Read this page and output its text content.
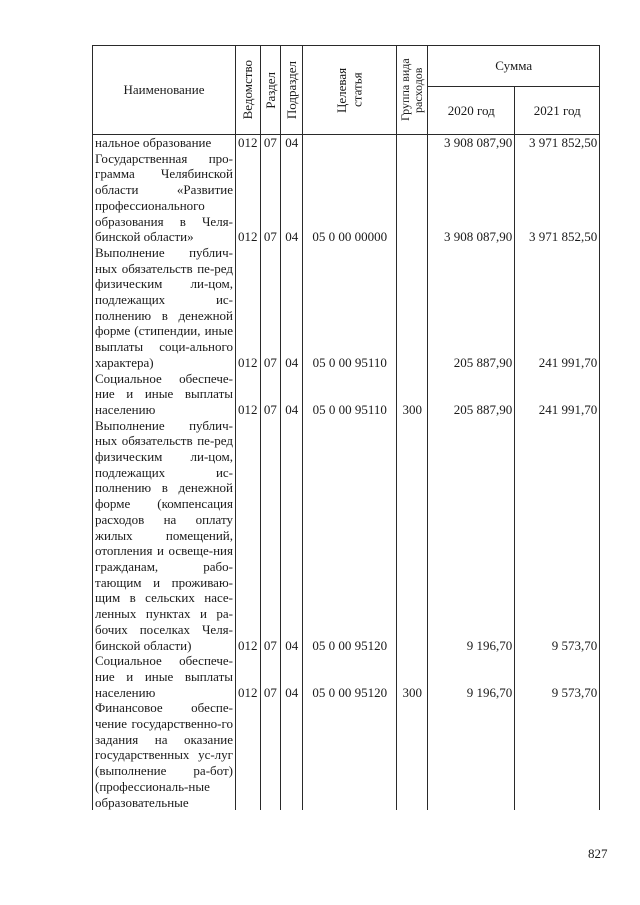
Наименование	Ведомство	Раздел	Подраздел	Целевая статья	Группа вида расходов	Сумма	
						2020 год	2021 год
нальное образование	012	07	04			3 908 087,90	3 971 852,50
Государственная про-грамма Челябинской области «Развитие профессионального образования в Челя-бинской области»	012	07	04	05 0 00 00000		3 908 087,90	3 971 852,50
Выполнение публич-ных обязательств пе-ред физическим ли-цом, подлежащих ис-полнению в денежной форме (стипендии, иные выплаты соци-ального характера)	012	07	04	05 0 00 95110		205 887,90	241 991,70
Социальное обеспече-ние и иные выплаты населению	012	07	04	05 0 00 95110	300	205 887,90	241 991,70
Выполнение публич-ных обязательств пе-ред физическим ли-цом, подлежащих ис-полнению в денежной форме (компенсация расходов на оплату жилых помещений, отопления и освеще-ния гражданам, рабо-тающим и проживаю-щим в сельских насе-ленных пунктах и ра-бочих поселках Челя-бинской области)	012	07	04	05 0 00 95120		9 196,70	9 573,70
Социальное обеспече-ние и иные выплаты населению	012	07	04	05 0 00 95120	300	9 196,70	9 573,70
Финансовое обеспе-чение государственно-го задания на оказание государственных ус-луг (выполнение ра-бот) (профессиональ-ные образовательные							
827
